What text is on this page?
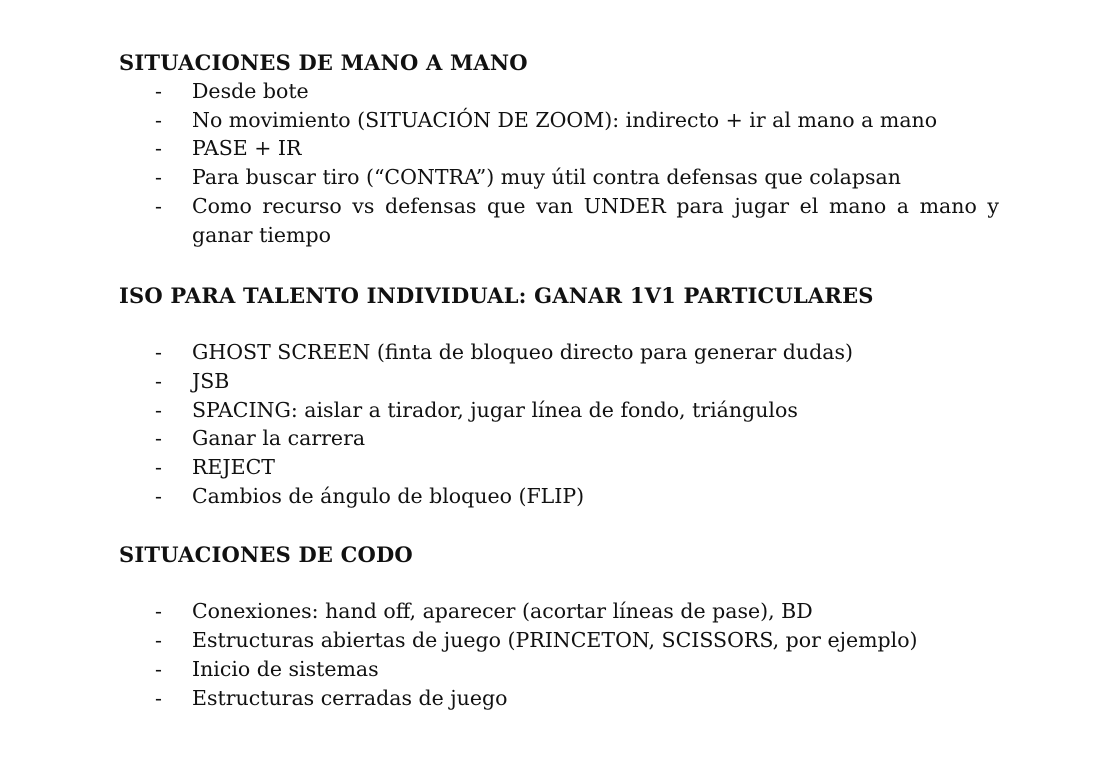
SITUACIONES DE MANO A MANO
- Desde bote
- No movimiento (SITUACIÓN DE ZOOM): indirecto + ir al mano a mano
- PASE + IR
- Para buscar tiro (“CONTRA”) muy útil contra defensas que colapsan
- Como recurso vs defensas que van UNDER para jugar el mano a mano y ganar tiempo
ISO PARA TALENTO INDIVIDUAL: GANAR 1V1 PARTICULARES
- GHOST SCREEN (finta de bloqueo directo para generar dudas)
- JSB
- SPACING: aislar a tirador, jugar línea de fondo, triángulos
- Ganar la carrera
- REJECT
- Cambios de ángulo de bloqueo (FLIP)
SITUACIONES DE CODO
- Conexiones: hand off, aparecer (acortar líneas de pase), BD
- Estructuras abiertas de juego (PRINCETON, SCISSORS, por ejemplo)
- Inicio de sistemas
- Estructuras cerradas de juego
